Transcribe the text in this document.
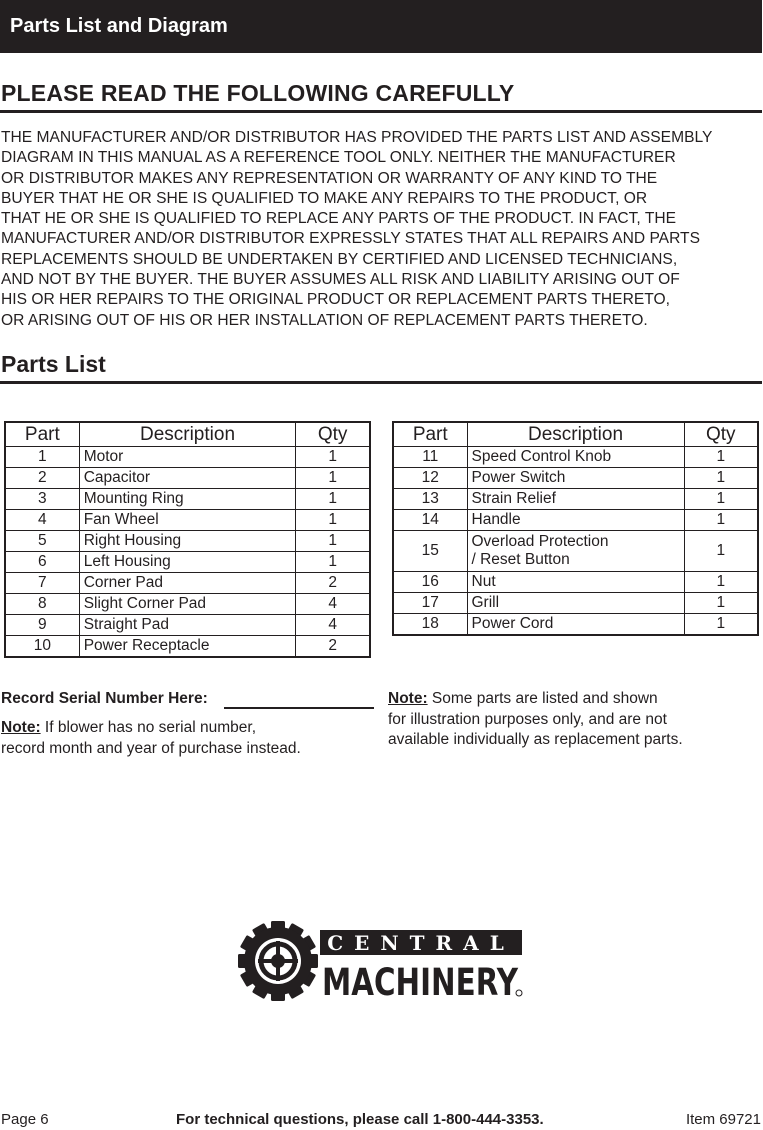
Parts List and Diagram
PLEASE READ THE FOLLOWING CAREFULLY
THE MANUFACTURER AND/OR DISTRIBUTOR HAS PROVIDED THE PARTS LIST AND ASSEMBLY
DIAGRAM IN THIS MANUAL AS A REFERENCE TOOL ONLY. NEITHER THE MANUFACTURER
OR DISTRIBUTOR MAKES ANY REPRESENTATION OR WARRANTY OF ANY KIND TO THE
BUYER THAT HE OR SHE IS QUALIFIED TO MAKE ANY REPAIRS TO THE PRODUCT, OR
THAT HE OR SHE IS QUALIFIED TO REPLACE ANY PARTS OF THE PRODUCT. IN FACT, THE
MANUFACTURER AND/OR DISTRIBUTOR EXPRESSLY STATES THAT ALL REPAIRS AND PARTS
REPLACEMENTS SHOULD BE UNDERTAKEN BY CERTIFIED AND LICENSED TECHNICIANS,
AND NOT BY THE BUYER. THE BUYER ASSUMES ALL RISK AND LIABILITY ARISING OUT OF
HIS OR HER REPAIRS TO THE ORIGINAL PRODUCT OR REPLACEMENT PARTS THERETO,
OR ARISING OUT OF HIS OR HER INSTALLATION OF REPLACEMENT PARTS THERETO.
Parts List
Part	Description	Qty
1	Motor	1
2	Capacitor	1
3	Mounting Ring	1
4	Fan Wheel	1
5	Right Housing	1
6	Left Housing	1
7	Corner Pad	2
8	Slight Corner Pad	4
9	Straight Pad	4
10	Power Receptacle	2
Part	Description	Qty
11	Speed Control Knob	1
12	Power Switch	1
13	Strain Relief	1
14	Handle	1
15	Overload Protection
/ Reset Button	1
16	Nut	1
17	Grill	1
18	Power Cord	1
Record Serial Number Here:
Note: If blower has no serial number,
record month and year of purchase instead.
Note: Some parts are listed and shown
for illustration purposes only, and are not
available individually as replacement parts.
CENTRAL
MACHINERY
Page 6	For technical questions, please call 1-800-444-3353.	Item 69721
